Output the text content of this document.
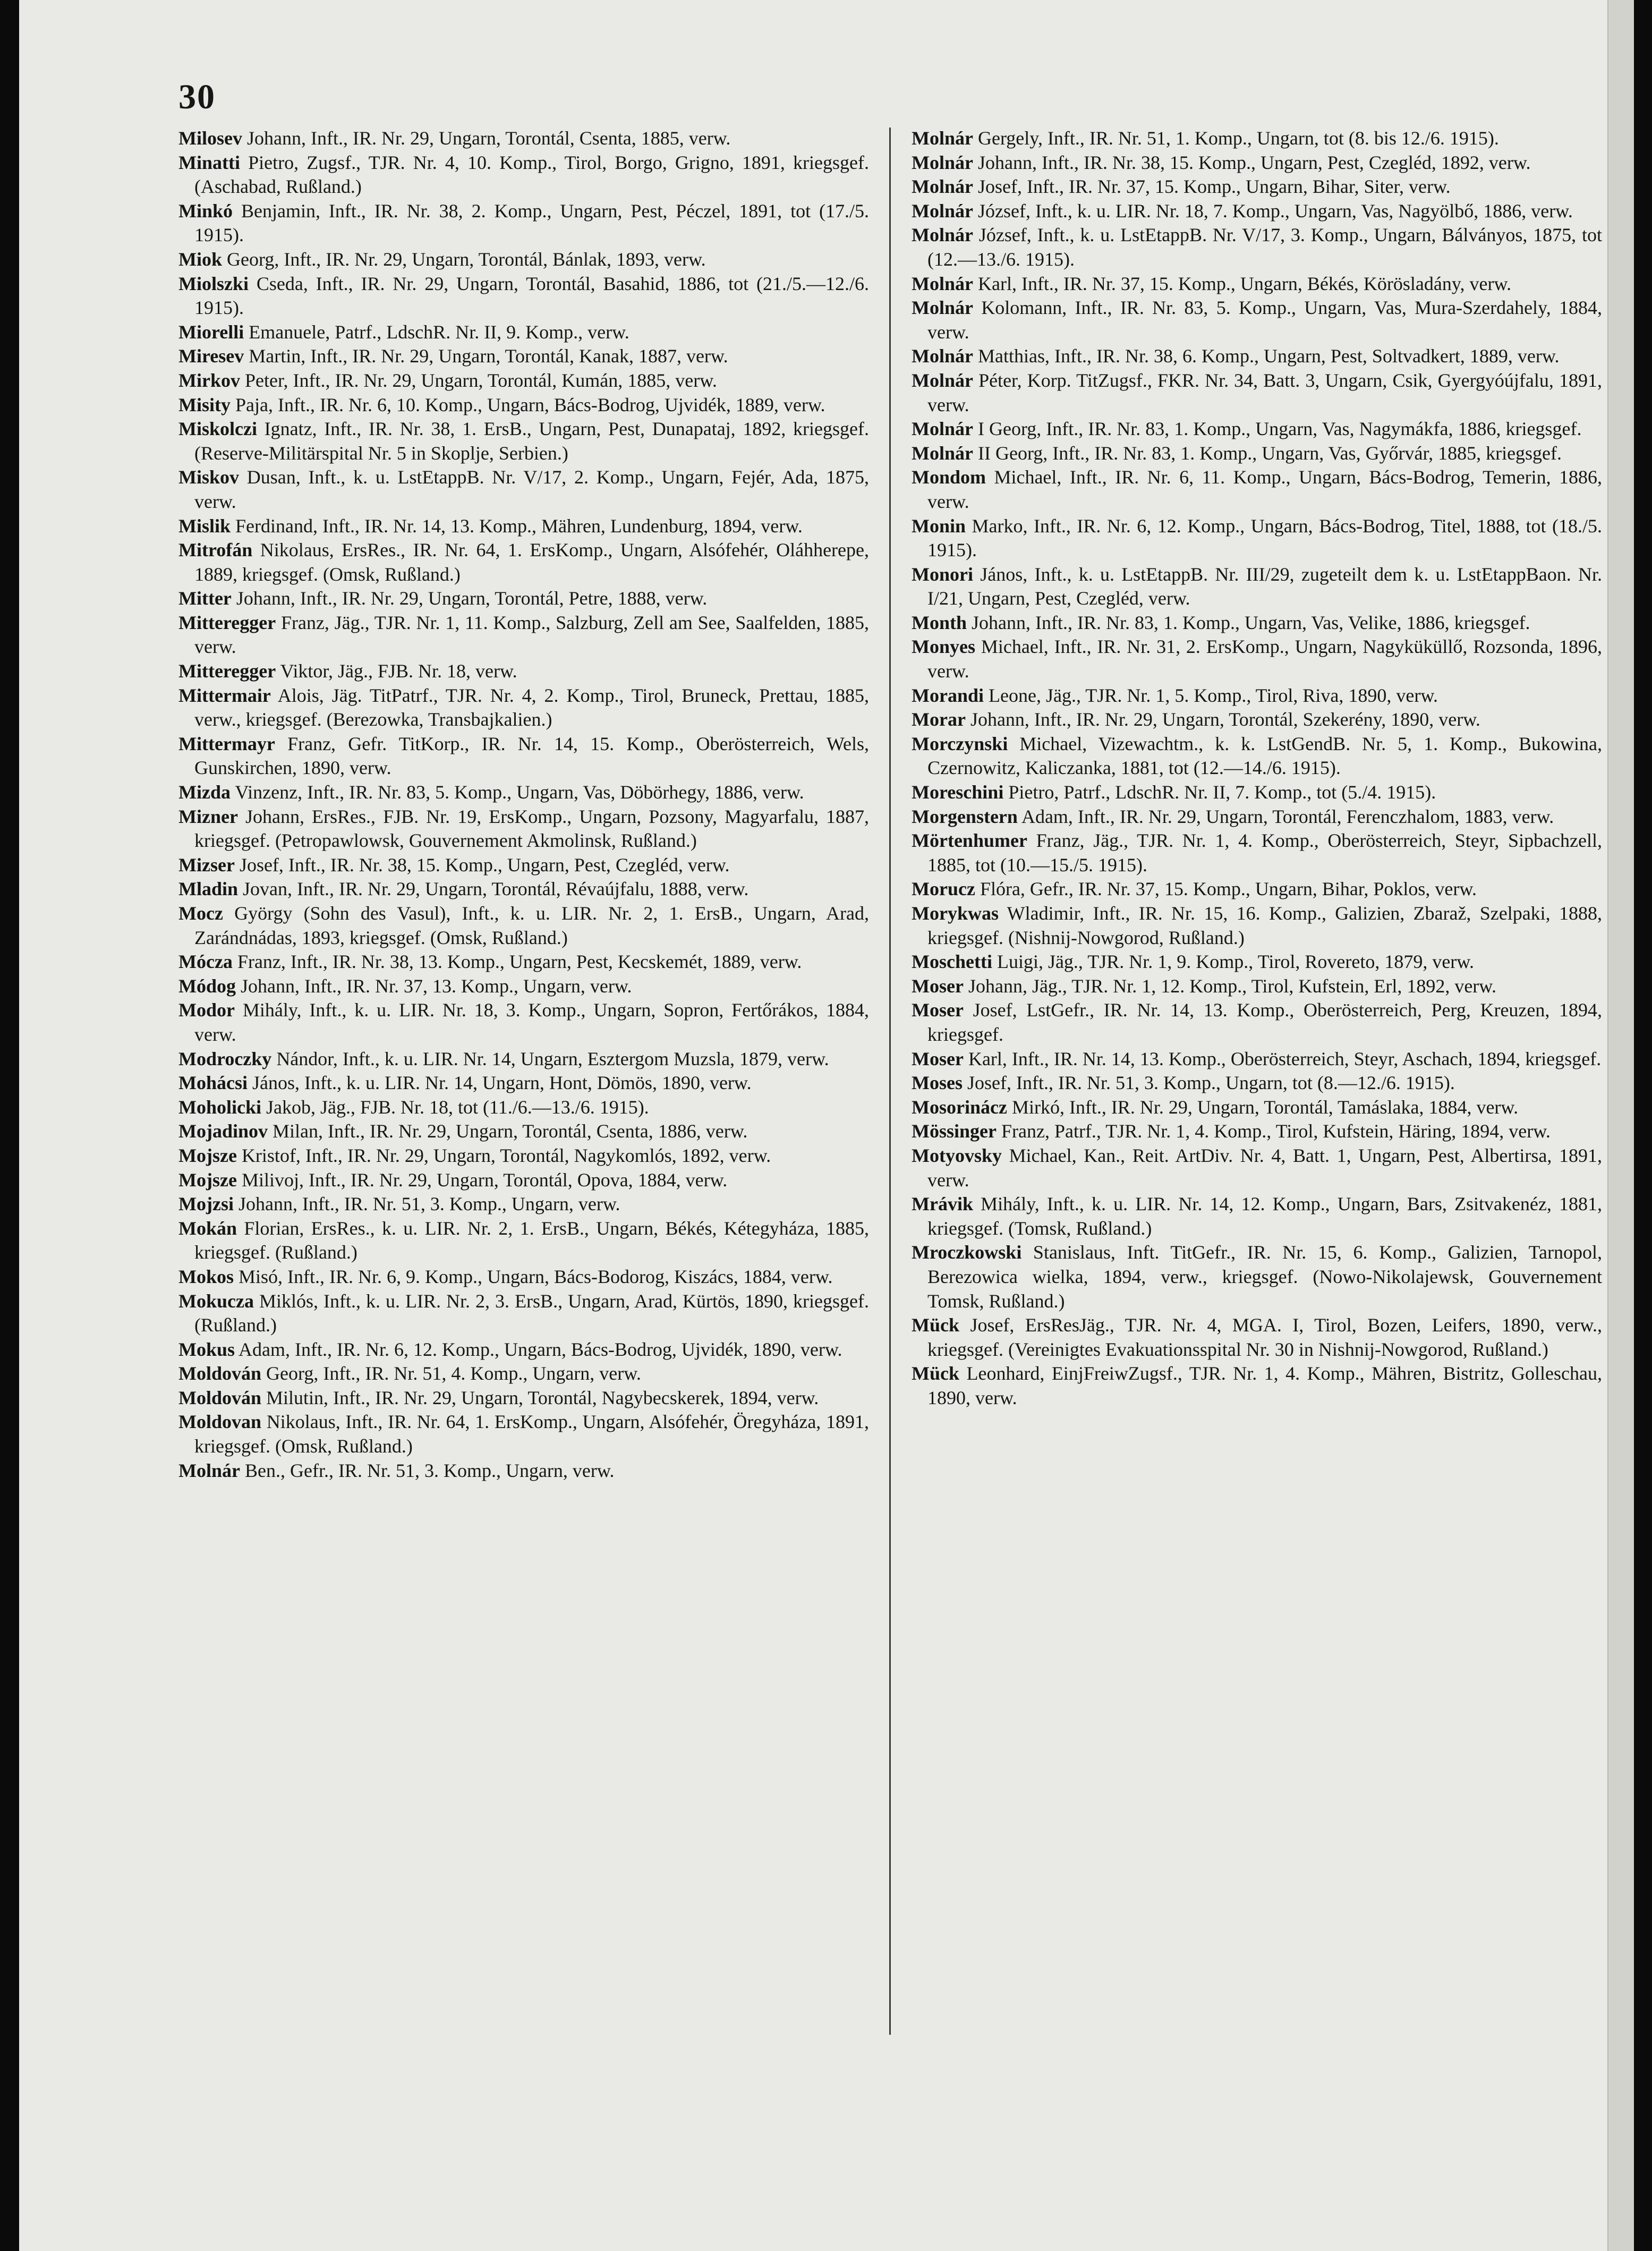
30

Milosev Johann, Inft., IR. Nr. 29, Ungarn, Torontál, Csenta, 1885, verw.

Minatti Pietro, Zugsf., TJR. Nr. 4, 10. Komp., Tirol, Borgo, Grigno, 1891, kriegsgef. (Aschabad, Rußland.)

Minkó Benjamin, Inft., IR. Nr. 38, 2. Komp., Ungarn, Pest, Péczel, 1891, tot (17./5. 1915).

Miok Georg, Inft., IR. Nr. 29, Ungarn, Torontál, Bánlak, 1893, verw.

Miolszki Cseda, Inft., IR. Nr. 29, Ungarn, Torontál, Basahid, 1886, tot (21./5.—12./6. 1915).

Miorelli Emanuele, Patrf., LdschR. Nr. II, 9. Komp., verw.

Miresev Martin, Inft., IR. Nr. 29, Ungarn, Torontál, Kanak, 1887, verw.

Mirkov Peter, Inft., IR. Nr. 29, Ungarn, Torontál, Kumán, 1885, verw.

Misity Paja, Inft., IR. Nr. 6, 10. Komp., Ungarn, Bács-Bodrog, Ujvidék, 1889, verw.

Miskolczi Ignatz, Inft., IR. Nr. 38, 1. ErsB., Ungarn, Pest, Dunapataj, 1892, kriegsgef. (Reserve-Militärspital Nr. 5 in Skoplje, Serbien.)

Miskov Dusan, Inft., k. u. LstEtappB. Nr. V/17, 2. Komp., Ungarn, Fejér, Ada, 1875, verw.

Mislik Ferdinand, Inft., IR. Nr. 14, 13. Komp., Mähren, Lundenburg, 1894, verw.

Mitrofán Nikolaus, ErsRes., IR. Nr. 64, 1. ErsKomp., Ungarn, Alsófehér, Oláhherepe, 1889, kriegsgef. (Omsk, Rußland.)

Mitter Johann, Inft., IR. Nr. 29, Ungarn, Torontál, Petre, 1888, verw.

Mitteregger Franz, Jäg., TJR. Nr. 1, 11. Komp., Salzburg, Zell am See, Saalfelden, 1885, verw.

Mitteregger Viktor, Jäg., FJB. Nr. 18, verw.

Mittermair Alois, Jäg. TitPatrf., TJR. Nr. 4, 2. Komp., Tirol, Bruneck, Prettau, 1885, verw., kriegsgef. (Berezowka, Transbajkalien.)

Mittermayr Franz, Gefr. TitKorp., IR. Nr. 14, 15. Komp., Oberösterreich, Wels, Gunskirchen, 1890, verw.

Mizda Vinzenz, Inft., IR. Nr. 83, 5. Komp., Ungarn, Vas, Döbörhegy, 1886, verw.

Mizner Johann, ErsRes., FJB. Nr. 19, ErsKomp., Ungarn, Pozsony, Magyarfalu, 1887, kriegsgef. (Petropawlowsk, Gouvernement Akmolinsk, Rußland.)

Mizser Josef, Inft., IR. Nr. 38, 15. Komp., Ungarn, Pest, Czegléd, verw.

Mladin Jovan, Inft., IR. Nr. 29, Ungarn, Torontál, Révaújfalu, 1888, verw.

Mocz György (Sohn des Vasul), Inft., k. u. LIR. Nr. 2, 1. ErsB., Ungarn, Arad, Zarándnádas, 1893, kriegsgef. (Omsk, Rußland.)

Mócza Franz, Inft., IR. Nr. 38, 13. Komp., Ungarn, Pest, Kecskemét, 1889, verw.

Módog Johann, Inft., IR. Nr. 37, 13. Komp., Ungarn, verw.

Modor Mihály, Inft., k. u. LIR. Nr. 18, 3. Komp., Ungarn, Sopron, Fertőrákos, 1884, verw.

Modroczky Nándor, Inft., k. u. LIR. Nr. 14, Ungarn, Esztergom Muzsla, 1879, verw.

Mohácsi János, Inft., k. u. LIR. Nr. 14, Ungarn, Hont, Dömös, 1890, verw.

Moholicki Jakob, Jäg., FJB. Nr. 18, tot (11./6.—13./6. 1915).

Mojadinov Milan, Inft., IR. Nr. 29, Ungarn, Torontál, Csenta, 1886, verw.

Mojsze Kristof, Inft., IR. Nr. 29, Ungarn, Torontál, Nagykomlós, 1892, verw.

Mojsze Milivoj, Inft., IR. Nr. 29, Ungarn, Torontál, Opova, 1884, verw.

Mojzsi Johann, Inft., IR. Nr. 51, 3. Komp., Ungarn, verw.

Mokán Florian, ErsRes., k. u. LIR. Nr. 2, 1. ErsB., Ungarn, Békés, Kétegyháza, 1885, kriegsgef. (Rußland.)

Mokos Misó, Inft., IR. Nr. 6, 9. Komp., Ungarn, Bács-Bodorog, Kiszács, 1884, verw.

Mokucza Miklós, Inft., k. u. LIR. Nr. 2, 3. ErsB., Ungarn, Arad, Kürtös, 1890, kriegsgef. (Rußland.)

Mokus Adam, Inft., IR. Nr. 6, 12. Komp., Ungarn, Bács-Bodrog, Ujvidék, 1890, verw.

Moldován Georg, Inft., IR. Nr. 51, 4. Komp., Ungarn, verw.

Moldován Milutin, Inft., IR. Nr. 29, Ungarn, Torontál, Nagybecskerek, 1894, verw.

Moldovan Nikolaus, Inft., IR. Nr. 64, 1. ErsKomp., Ungarn, Alsófehér, Öregyháza, 1891, kriegsgef. (Omsk, Rußland.)

Molnár Ben., Gefr., IR. Nr. 51, 3. Komp., Ungarn, verw.

Molnár Gergely, Inft., IR. Nr. 51, 1. Komp., Ungarn, tot (8. bis 12./6. 1915).

Molnár Johann, Inft., IR. Nr. 38, 15. Komp., Ungarn, Pest, Czegléd, 1892, verw.

Molnár Josef, Inft., IR. Nr. 37, 15. Komp., Ungarn, Bihar, Siter, verw.

Molnár József, Inft., k. u. LIR. Nr. 18, 7. Komp., Ungarn, Vas, Nagyölbő, 1886, verw.

Molnár József, Inft., k. u. LstEtappB. Nr. V/17, 3. Komp., Ungarn, Bálványos, 1875, tot (12.—13./6. 1915).

Molnár Karl, Inft., IR. Nr. 37, 15. Komp., Ungarn, Békés, Körösladány, verw.

Molnár Kolomann, Inft., IR. Nr. 83, 5. Komp., Ungarn, Vas, Mura-Szerdahely, 1884, verw.

Molnár Matthias, Inft., IR. Nr. 38, 6. Komp., Ungarn, Pest, Soltvadkert, 1889, verw.

Molnár Péter, Korp. TitZugsf., FKR. Nr. 34, Batt. 3, Ungarn, Csik, Gyergyóújfalu, 1891, verw.

Molnár I Georg, Inft., IR. Nr. 83, 1. Komp., Ungarn, Vas, Nagymákfa, 1886, kriegsgef.

Molnár II Georg, Inft., IR. Nr. 83, 1. Komp., Ungarn, Vas, Győrvár, 1885, kriegsgef.

Mondom Michael, Inft., IR. Nr. 6, 11. Komp., Ungarn, Bács-Bodrog, Temerin, 1886, verw.

Monin Marko, Inft., IR. Nr. 6, 12. Komp., Ungarn, Bács-Bodrog, Titel, 1888, tot (18./5. 1915).

Monori János, Inft., k. u. LstEtappB. Nr. III/29, zugeteilt dem k. u. LstEtappBaon. Nr. I/21, Ungarn, Pest, Czegléd, verw.

Month Johann, Inft., IR. Nr. 83, 1. Komp., Ungarn, Vas, Velike, 1886, kriegsgef.

Monyes Michael, Inft., IR. Nr. 31, 2. ErsKomp., Ungarn, Nagyküküllő, Rozsonda, 1896, verw.

Morandi Leone, Jäg., TJR. Nr. 1, 5. Komp., Tirol, Riva, 1890, verw.

Morar Johann, Inft., IR. Nr. 29, Ungarn, Torontál, Szekerény, 1890, verw.

Morczynski Michael, Vizewachtm., k. k. LstGendB. Nr. 5, 1. Komp., Bukowina, Czernowitz, Kaliczanka, 1881, tot (12.—14./6. 1915).

Moreschini Pietro, Patrf., LdschR. Nr. II, 7. Komp., tot (5./4. 1915).

Morgenstern Adam, Inft., IR. Nr. 29, Ungarn, Torontál, Ferenczhalom, 1883, verw.

Mörtenhumer Franz, Jäg., TJR. Nr. 1, 4. Komp., Oberösterreich, Steyr, Sipbachzell, 1885, tot (10.—15./5. 1915).

Morucz Flóra, Gefr., IR. Nr. 37, 15. Komp., Ungarn, Bihar, Poklos, verw.

Morykwas Wladimir, Inft., IR. Nr. 15, 16. Komp., Galizien, Zbaraž, Szelpaki, 1888, kriegsgef. (Nishnij-Nowgorod, Rußland.)

Moschetti Luigi, Jäg., TJR. Nr. 1, 9. Komp., Tirol, Rovereto, 1879, verw.

Moser Johann, Jäg., TJR. Nr. 1, 12. Komp., Tirol, Kufstein, Erl, 1892, verw.

Moser Josef, LstGefr., IR. Nr. 14, 13. Komp., Oberösterreich, Perg, Kreuzen, 1894, kriegsgef.

Moser Karl, Inft., IR. Nr. 14, 13. Komp., Oberösterreich, Steyr, Aschach, 1894, kriegsgef.

Moses Josef, Inft., IR. Nr. 51, 3. Komp., Ungarn, tot (8.—12./6. 1915).

Mosorinácz Mirkó, Inft., IR. Nr. 29, Ungarn, Torontál, Tamáslaka, 1884, verw.

Mössinger Franz, Patrf., TJR. Nr. 1, 4. Komp., Tirol, Kufstein, Häring, 1894, verw.

Motyovsky Michael, Kan., Reit. ArtDiv. Nr. 4, Batt. 1, Ungarn, Pest, Albertirsa, 1891, verw.

Mrávik Mihály, Inft., k. u. LIR. Nr. 14, 12. Komp., Ungarn, Bars, Zsitvakenéz, 1881, kriegsgef. (Tomsk, Rußland.)

Mroczkowski Stanislaus, Inft. TitGefr., IR. Nr. 15, 6. Komp., Galizien, Tarnopol, Berezowica wielka, 1894, verw., kriegsgef. (Nowo-Nikolajewsk, Gouvernement Tomsk, Rußland.)

Mück Josef, ErsResJäg., TJR. Nr. 4, MGA. I, Tirol, Bozen, Leifers, 1890, verw., kriegsgef. (Vereinigtes Evakuationsspital Nr. 30 in Nishnij-Nowgorod, Rußland.)

Mück Leonhard, EinjFreiwZugsf., TJR. Nr. 1, 4. Komp., Mähren, Bistritz, Golleschau, 1890, verw.
